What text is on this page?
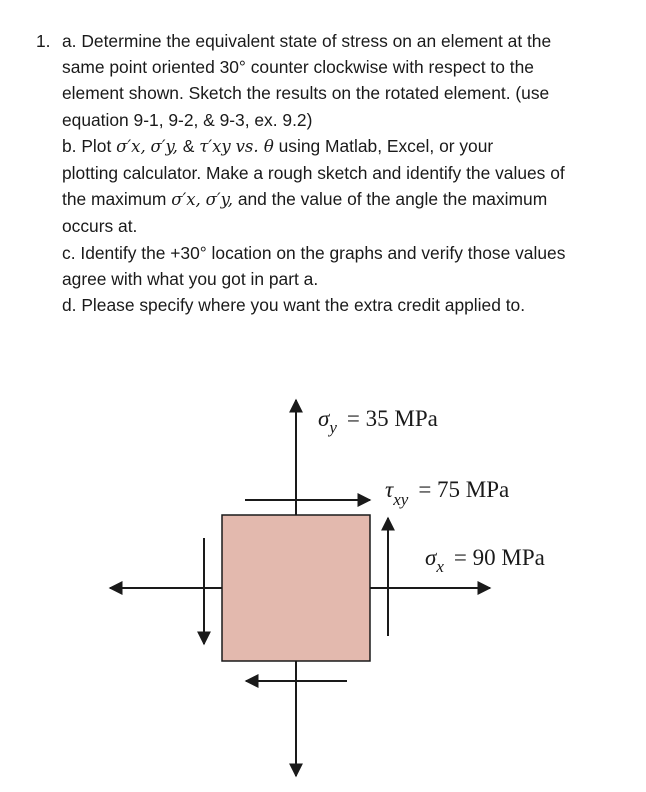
1. a. Determine the equivalent state of stress on an element at the
same point oriented 30° counter clockwise with respect to the
element shown. Sketch the results on the rotated element. (use
equation 9-1, 9-2, & 9-3, ex. 9.2)
b. Plot σ′x, σ′y, & τ′xy vs. θ using Matlab, Excel, or your
plotting calculator. Make a rough sketch and identify the values of
the maximum σ′x, σ′y, and the value of the angle the maximum
occurs at.
c. Identify the +30° location on the graphs and verify those values
agree with what you got in part a.
d. Please specify where you want the extra credit applied to.
$\sigma_y = 35$ MPa
$\tau_{xy} = 75$ MPa
$\sigma_x = 90$ MPa
